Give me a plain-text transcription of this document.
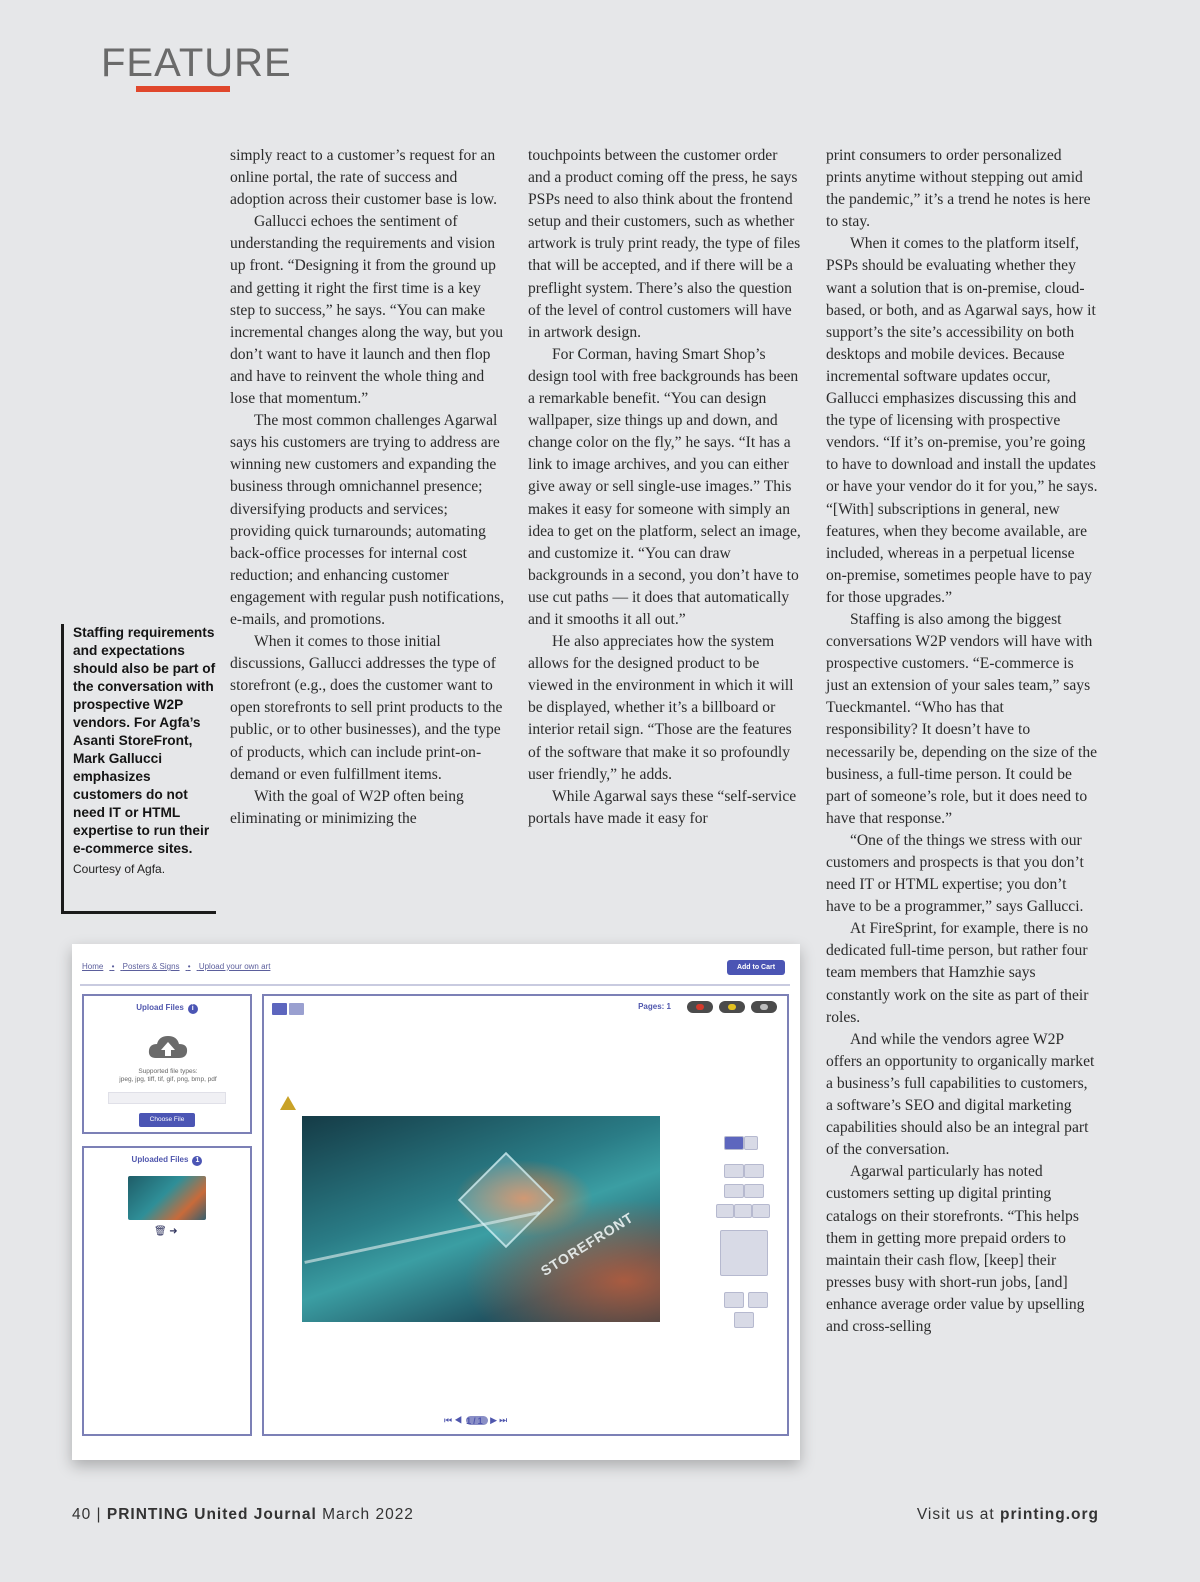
FEATURE

simply react to a customer’s request for an online portal, the rate of success and adoption across their customer base is low.

Gallucci echoes the sentiment of understanding the requirements and vision up front. “Designing it from the ground up and getting it right the first time is a key step to success,” he says. “You can make incremental changes along the way, but you don’t want to have it launch and then flop and have to reinvent the whole thing and lose that momentum.”

The most common challenges Agarwal says his customers are trying to address are winning new customers and expanding the business through omnichannel presence; diversifying products and services; providing quick turnarounds; automating back-office processes for internal cost reduction; and enhancing customer engagement with regular push notifications, e-mails, and promotions.

When it comes to those initial discussions, Gallucci addresses the type of storefront (e.g., does the customer want to open storefronts to sell print products to the public, or to other businesses), and the type of products, which can include print-on-demand or even fulfillment items.

With the goal of W2P often being eliminating or minimizing the

touchpoints between the customer order and a product coming off the press, he says PSPs need to also think about the frontend setup and their customers, such as whether artwork is truly print ready, the type of files that will be accepted, and if there will be a preflight system. There’s also the question of the level of control customers will have in artwork design.

For Corman, having Smart Shop’s design tool with free backgrounds has been a remarkable benefit. “You can design wallpaper, size things up and down, and change color on the fly,” he says. “It has a link to image archives, and you can either give away or sell single-use images.” This makes it easy for someone with simply an idea to get on the platform, select an image, and customize it. “You can draw backgrounds in a second, you don’t have to use cut paths — it does that automatically and it smooths it all out.”

He also appreciates how the system allows for the designed product to be viewed in the environment in which it will be displayed, whether it’s a billboard or interior retail sign. “Those are the features of the software that make it so profoundly user friendly,” he adds.

While Agarwal says these “self-service portals have made it easy for

print consumers to order personalized prints anytime without stepping out amid the pandemic,” it’s a trend he notes is here to stay.

When it comes to the platform itself, PSPs should be evaluating whether they want a solution that is on-premise, cloud-based, or both, and as Agarwal says, how it support’s the site’s accessibility on both desktops and mobile devices. Because incremental software updates occur, Gallucci emphasizes discussing this and the type of licensing with prospective vendors. “If it’s on-premise, you’re going to have to download and install the updates or have your vendor do it for you,” he says. “[With] subscriptions in general, new features, when they become available, are included, whereas in a perpetual license on-premise, sometimes people have to pay for those upgrades.”

Staffing is also among the biggest conversations W2P vendors will have with prospective customers. “E-commerce is just an extension of your sales team,” says Tueckmantel. “Who has that responsibility? It doesn’t have to necessarily be, depending on the size of the business, a full-time person. It could be part of someone’s role, but it does need to have that response.”

“One of the things we stress with our customers and prospects is that you don’t need IT or HTML expertise; you don’t have to be a programmer,” says Gallucci.

At FireSprint, for example, there is no dedicated full-time person, but rather four team members that Hamzhie says constantly work on the site as part of their roles.

And while the vendors agree W2P offers an opportunity to organically market a business’s full capabilities to customers, a software’s SEO and digital marketing capabilities should also be an integral part of the conversation.

Agarwal particularly has noted customers setting up digital printing catalogs on their storefronts. “This helps them in getting more prepaid orders to maintain their cash flow, [keep] their presses busy with short-run jobs, [and] enhance average order value by upselling and cross-selling

Staffing requirements and expectations should also be part of the conversation with prospective W2P vendors. For Agfa’s Asanti StoreFront, Mark Gallucci emphasizes customers do not need IT or HTML expertise to run their e-commerce sites.
Courtesy of Agfa.
Home • Posters & Signs • Upload your own art	Add to Cart
Upload Files i
Supported file types:
jpeg, jpg, tiff, tif, gif, png, bmp, pdf
Choose File
Uploaded Files 1
🗑 ➜
Pages: 1
STOREFRONT
⏮◀ 1/1 ▶⏭
40 | PRINTING United Journal March 2022	Visit us at printing.org
